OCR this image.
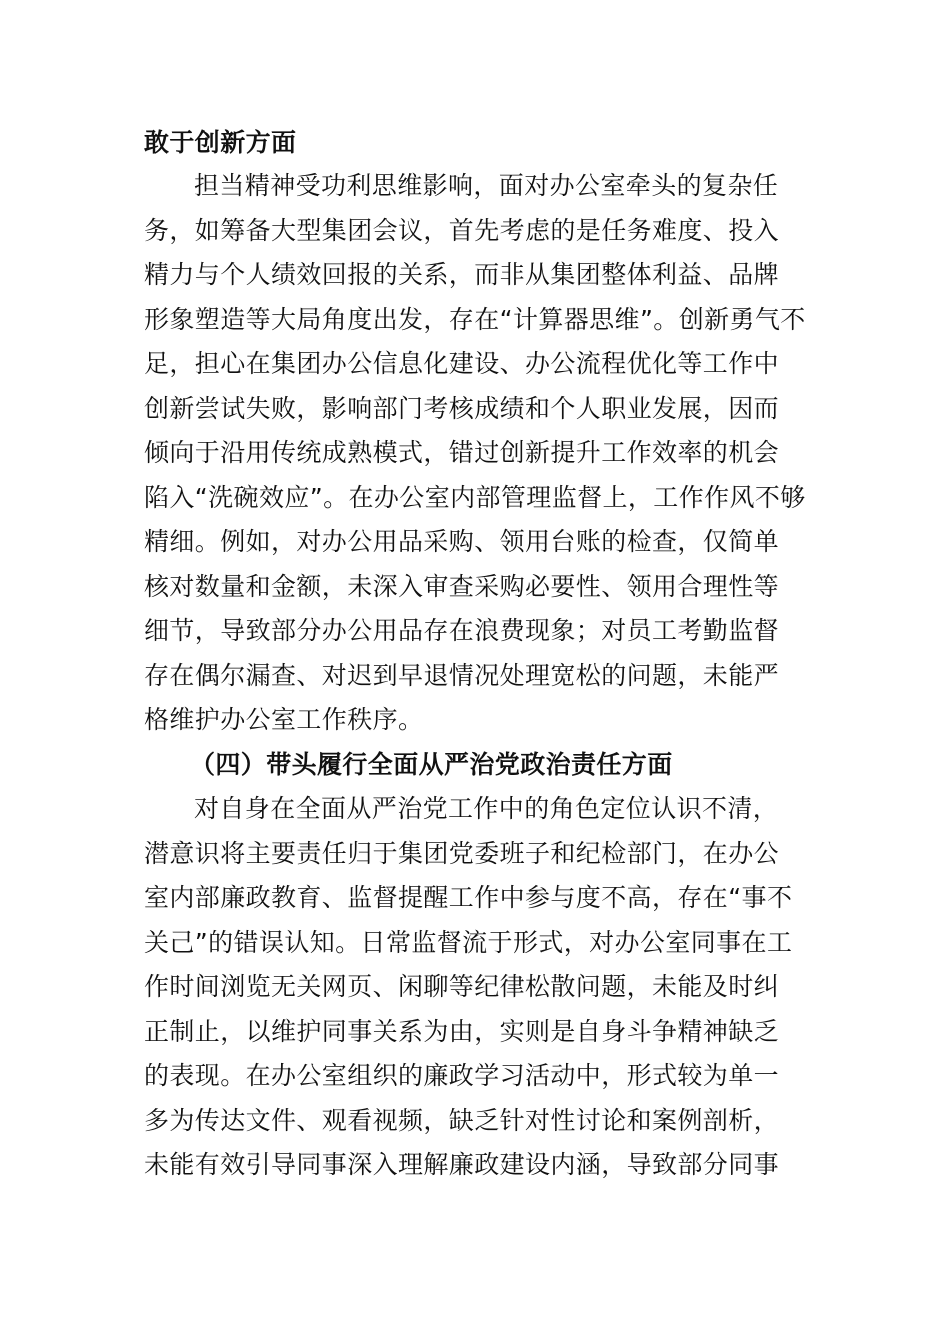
敢于创新方面
担当精神受功利思维影响，面对办公室牵头的复杂任
务，如筹备大型集团会议，首先考虑的是任务难度、投入
精力与个人绩效回报的关系，而非从集团整体利益、品牌
形象塑造等大局角度出发，存在“计算器思维”。创新勇气不
足，担心在集团办公信息化建设、办公流程优化等工作中
创新尝试失败，影响部门考核成绩和个人职业发展，因而
倾向于沿用传统成熟模式，错过创新提升工作效率的机会
陷入“洗碗效应”。在办公室内部管理监督上，工作作风不够
精细。例如，对办公用品采购、领用台账的检查，仅简单
核对数量和金额，未深入审查采购必要性、领用合理性等
细节，导致部分办公用品存在浪费现象；对员工考勤监督
存在偶尔漏查、对迟到早退情况处理宽松的问题，未能严
格维护办公室工作秩序。
（四）带头履行全面从严治党政治责任方面
对自身在全面从严治党工作中的角色定位认识不清，
潜意识将主要责任归于集团党委班子和纪检部门，在办公
室内部廉政教育、监督提醒工作中参与度不高，存在“事不
关己”的错误认知。日常监督流于形式，对办公室同事在工
作时间浏览无关网页、闲聊等纪律松散问题，未能及时纠
正制止，以维护同事关系为由，实则是自身斗争精神缺乏
的表现。在办公室组织的廉政学习活动中，形式较为单一
多为传达文件、观看视频，缺乏针对性讨论和案例剖析，
未能有效引导同事深入理解廉政建设内涵，导致部分同事
